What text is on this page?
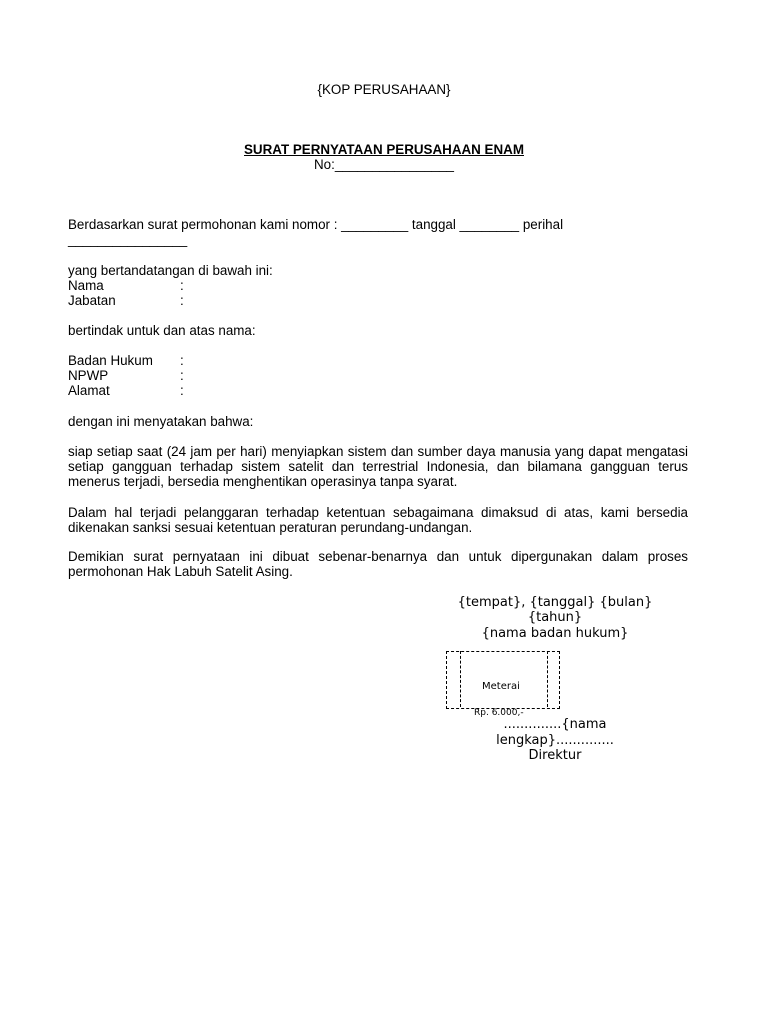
{KOP PERUSAHAAN}
SURAT PERNYATAAN PERUSAHAAN ENAM
No:________________
Berdasarkan surat permohonan kami nomor : _________ tanggal ________ perihal
________________
yang bertandatangan di bawah ini:
Nama	:
Jabatan	:
bertindak untuk dan atas nama:
Badan Hukum :
NPWP	:
Alamat	:
dengan ini menyatakan bahwa:
siap setiap saat (24 jam per hari) menyiapkan sistem dan sumber daya manusia yang dapat mengatasi setiap gangguan terhadap sistem satelit dan terrestrial Indonesia, dan bilamana gangguan terus menerus terjadi, bersedia menghentikan operasinya tanpa syarat.
Dalam hal terjadi pelanggaran terhadap ketentuan sebagaimana dimaksud di atas, kami bersedia dikenakan sanksi sesuai ketentuan peraturan perundang-undangan.
Demikian surat pernyataan ini dibuat sebenar-benarnya dan untuk dipergunakan dalam proses permohonan Hak Labuh Satelit Asing.
{tempat}, {tanggal} {bulan}
{tahun}
{nama badan hukum}
Meterai
Rp. 6.000,-
..............{nama
lengkap}..............
Direktur
